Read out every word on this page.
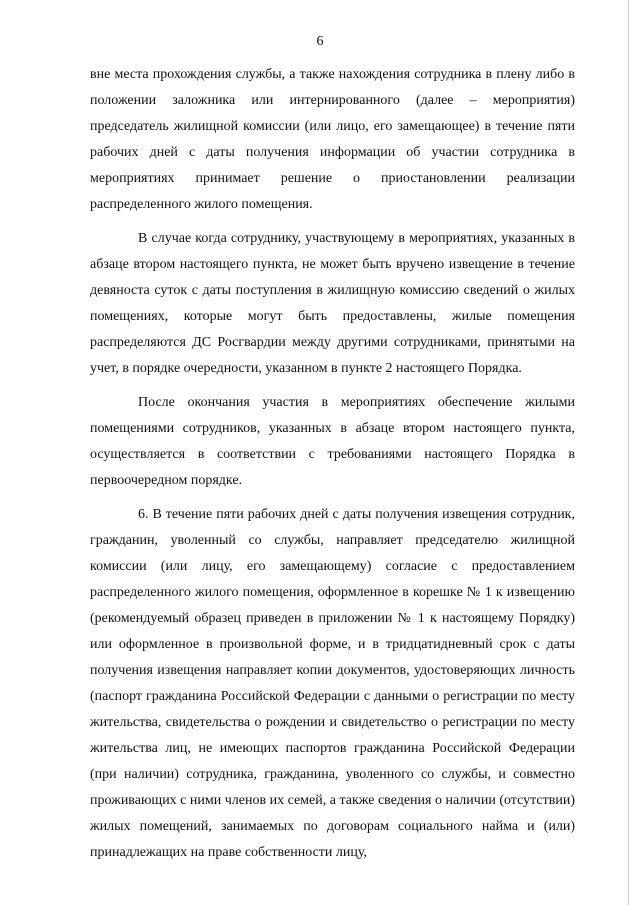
6

вне места прохождения службы, а также нахождения сотрудника в плену либо в положении заложника или интернированного (далее – мероприятия) председатель жилищной комиссии (или лицо, его замещающее) в течение пяти рабочих дней с даты получения информации об участии сотрудника в мероприятиях принимает решение о приостановлении реализации распределенного жилого помещения.

В случае когда сотруднику, участвующему в мероприятиях, указанных в абзаце втором настоящего пункта, не может быть вручено извещение в течение девяноста суток с даты поступления в жилищную комиссию сведений о жилых помещениях, которые могут быть предоставлены, жилые помещения распределяются ДС Росгвардии между другими сотрудниками, принятыми на учет, в порядке очередности, указанном в пункте 2 настоящего Порядка.

После окончания участия в мероприятиях обеспечение жилыми помещениями сотрудников, указанных в абзаце втором настоящего пункта, осуществляется в соответствии с требованиями настоящего Порядка в первоочередном порядке.

6. В течение пяти рабочих дней с даты получения извещения сотрудник, гражданин, уволенный со службы, направляет председателю жилищной комиссии (или лицу, его замещающему) согласие с предоставлением распределенного жилого помещения, оформленное в корешке № 1 к извещению (рекомендуемый образец приведен в приложении № 1 к настоящему Порядку) или оформленное в произвольной форме, и в тридцатидневный срок с даты получения извещения направляет копии документов, удостоверяющих личность (паспорт гражданина Российской Федерации с данными о регистрации по месту жительства, свидетельства о рождении и свидетельство о регистрации по месту жительства лиц, не имеющих паспортов гражданина Российской Федерации (при наличии) сотрудника, гражданина, уволенного со службы, и совместно проживающих с ними членов их семей, а также сведения о наличии (отсутствии) жилых помещений, занимаемых по договорам социального найма и (или) принадлежащих на праве собственности лицу,
